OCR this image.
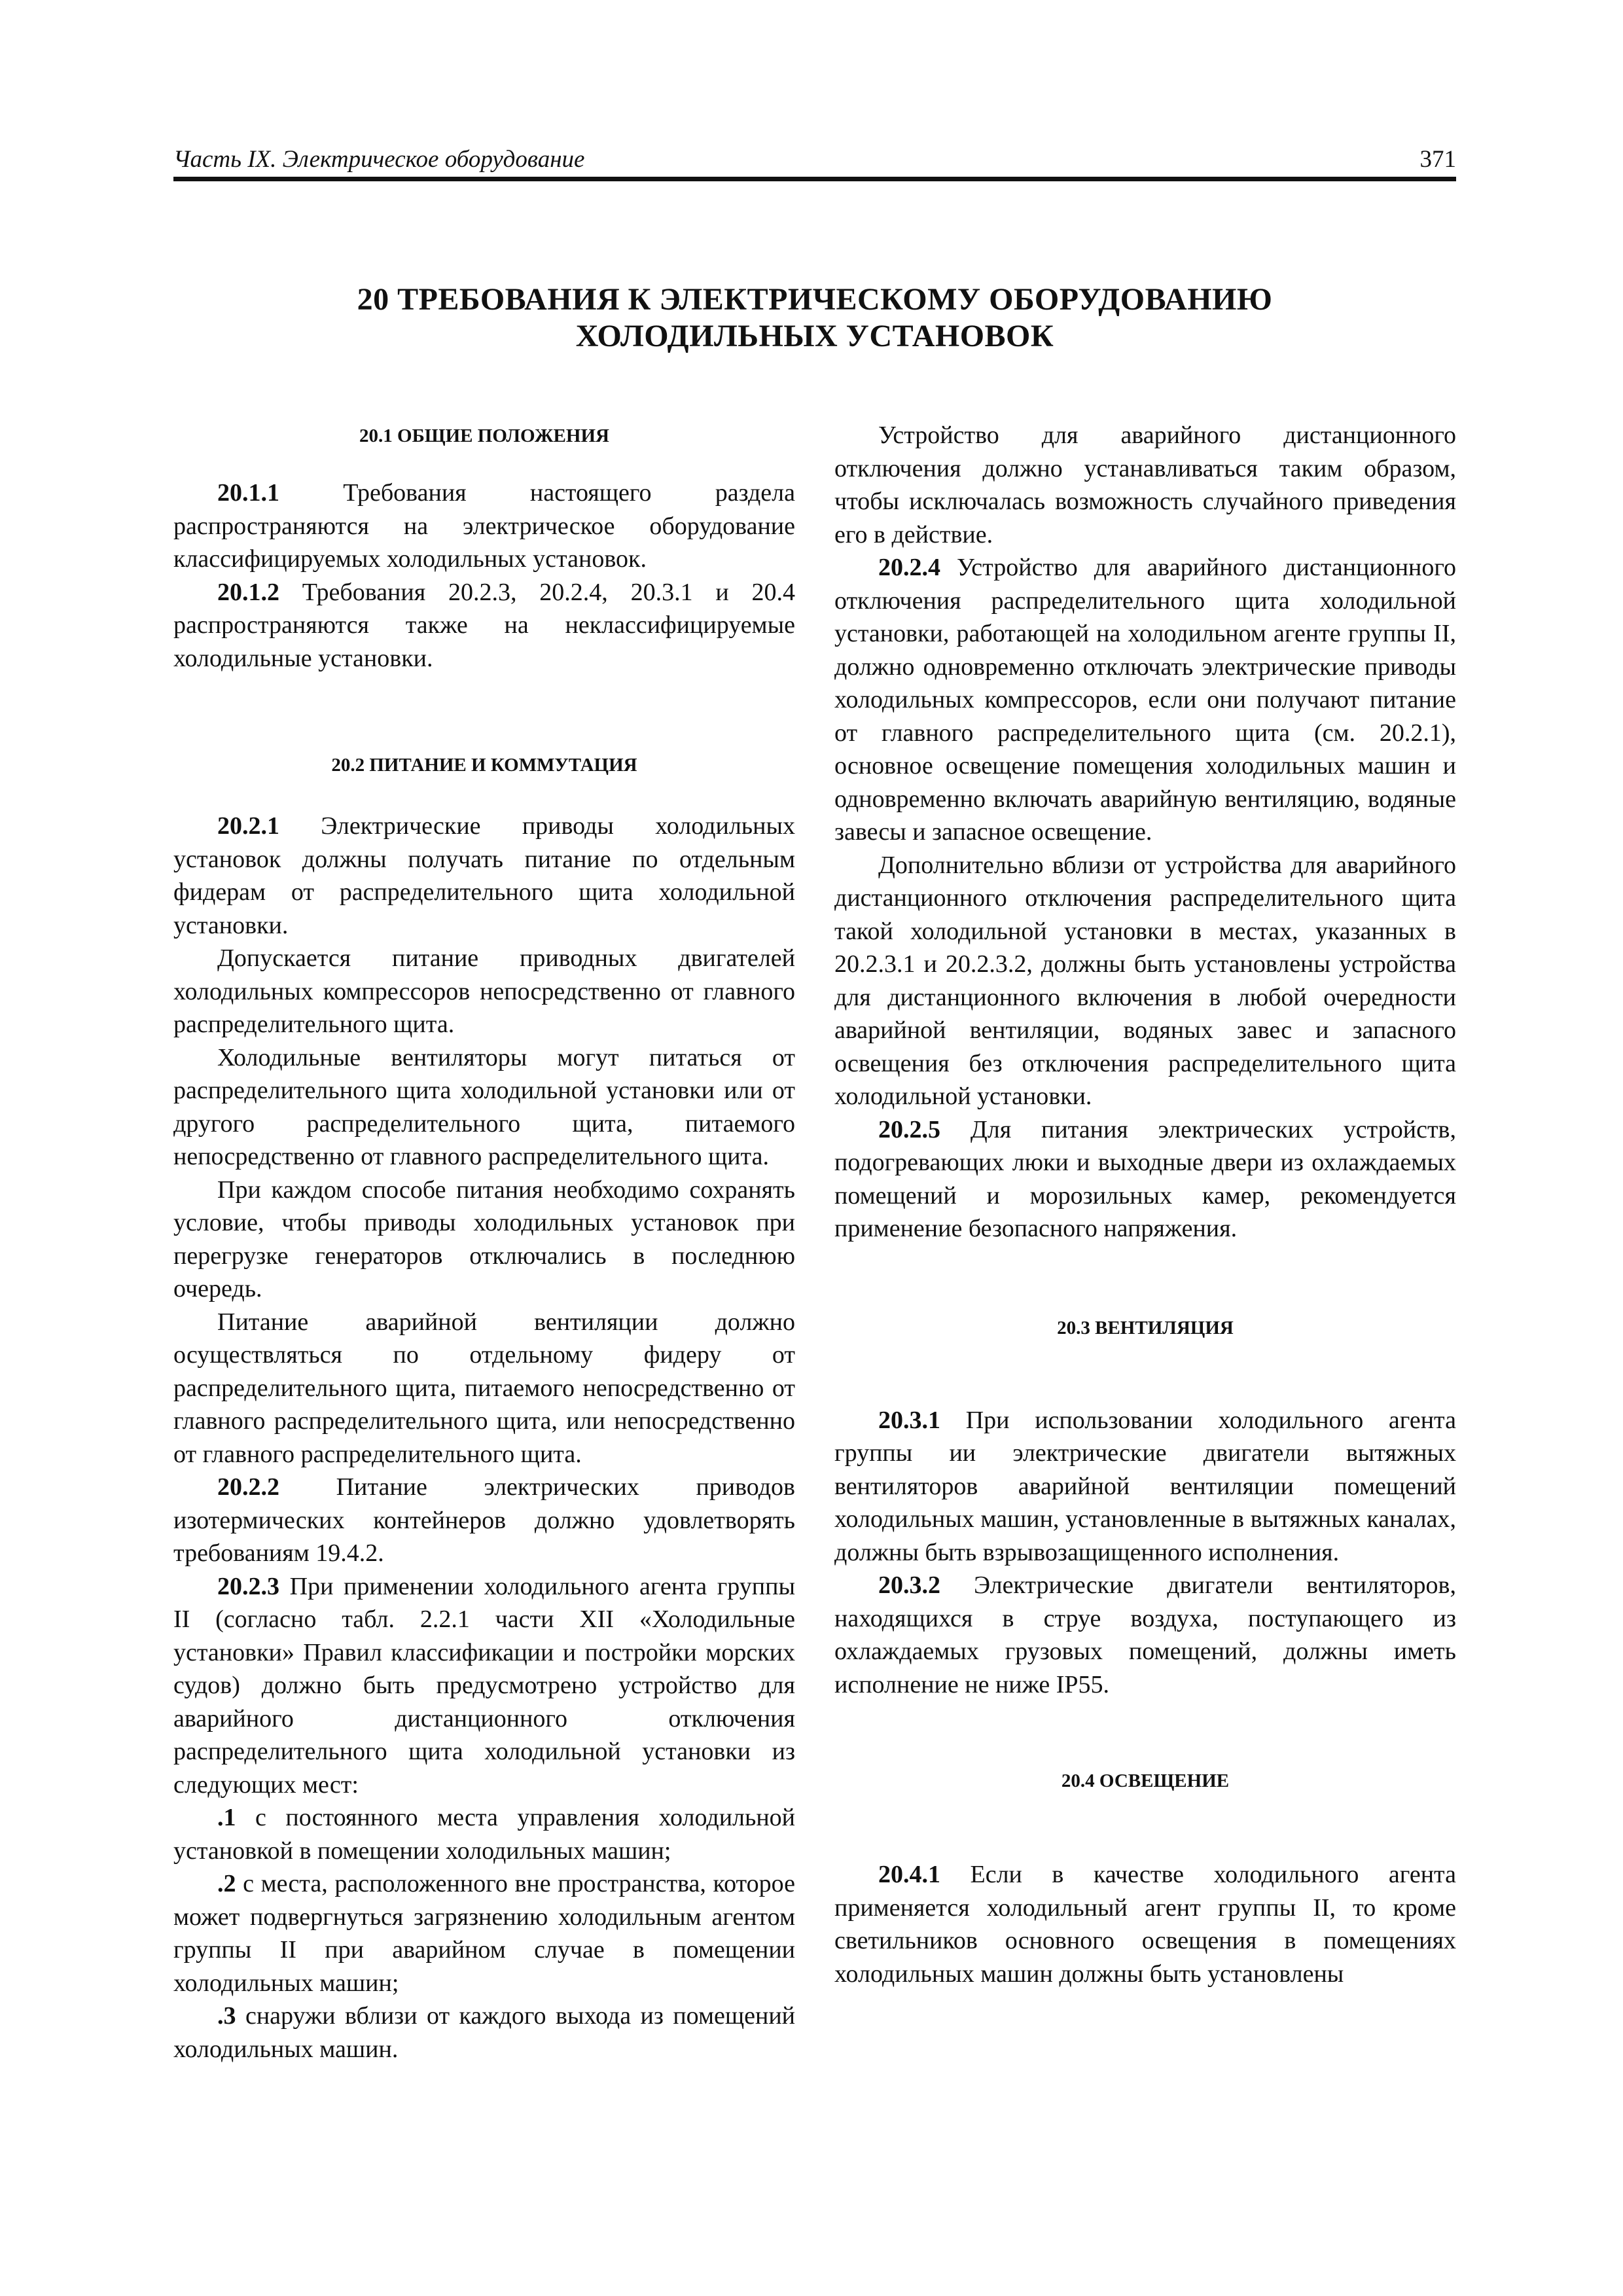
Часть IX. Электрическое оборудование	371
20 ТРЕБОВАНИЯ К ЭЛЕКТРИЧЕСКОМУ ОБОРУДОВАНИЮ
ХОЛОДИЛЬНЫХ УСТАНОВОК
20.1 ОБЩИЕ ПОЛОЖЕНИЯ

20.1.1 Требования настоящего раздела распространяются на электрическое оборудование классифицируемых холодильных установок.

20.1.2 Требования 20.2.3, 20.2.4, 20.3.1 и 20.4 распространяются также на неклассифицируемые холодильные установки.

20.2 ПИТАНИЕ И КОММУТАЦИЯ

20.2.1 Электрические приводы холодильных установок должны получать питание по отдельным фидерам от распределительного щита холодильной установки.

Допускается питание приводных двигателей холодильных компрессоров непосредственно от главного распределительного щита.

Холодильные вентиляторы могут питаться от распределительного щита холодильной установки или от другого распределительного щита, питаемого непосредственно от главного распределительного щита.

При каждом способе питания необходимо сохранять условие, чтобы приводы холодильных установок при перегрузке генераторов отключались в последнюю очередь.

Питание аварийной вентиляции должно осуществляться по отдельному фидеру от распределительного щита, питаемого непосредственно от главного распределительного щита, или непосредственно от главного распределительного щита.

20.2.2 Питание электрических приводов изотермических контейнеров должно удовлетворять требованиям 19.4.2.

20.2.3 При применении холодильного агента группы II (согласно табл. 2.2.1 части XII «Холодильные установки» Правил классификации и постройки морских судов) должно быть предусмотрено устройство для аварийного дистанционного отключения распределительного щита холодильной установки из следующих мест:

.1 с постоянного места управления холодильной установкой в помещении холодильных машин;

.2 с места, расположенного вне пространства, которое может подвергнуться загрязнению холодильным агентом группы II при аварийном случае в помещении холодильных машин;

.3 снаружи вблизи от каждого выхода из помещений холодильных машин.

Устройство для аварийного дистанционного отключения должно устанавливаться таким образом, чтобы исключалась возможность случайного приведения его в действие.

20.2.4 Устройство для аварийного дистанционного отключения распределительного щита холодильной установки, работающей на холодильном агенте группы II, должно одновременно отключать электрические приводы холодильных компрессоров, если они получают питание от главного распределительного щита (см. 20.2.1), основное освещение помещения холодильных машин и одновременно включать аварийную вентиляцию, водяные завесы и запасное освещение.

Дополнительно вблизи от устройства для аварийного дистанционного отключения распределительного щита такой холодильной установки в местах, указанных в 20.2.3.1 и 20.2.3.2, должны быть установлены устройства для дистанционного включения в любой очередности аварийной вентиляции, водяных завес и запасного освещения без отключения распределительного щита холодильной установки.

20.2.5 Для питания электрических устройств, подогревающих люки и выходные двери из охлаждаемых помещений и морозильных камер, рекомендуется применение безопасного напряжения.

20.3 ВЕНТИЛЯЦИЯ

20.3.1 При использовании холодильного агента группы ии электрические двигатели вытяжных вентиляторов аварийной вентиляции помещений холодильных машин, установленные в вытяжных каналах, должны быть взрывозащищенного исполнения.

20.3.2 Электрические двигатели вентиляторов, находящихся в струе воздуха, поступающего из охлаждаемых грузовых помещений, должны иметь исполнение не ниже IP55.

20.4 ОСВЕЩЕНИЕ

20.4.1 Если в качестве холодильного агента применяется холодильный агент группы II, то кроме светильников основного освещения в помещениях холодильных машин должны быть установлены
